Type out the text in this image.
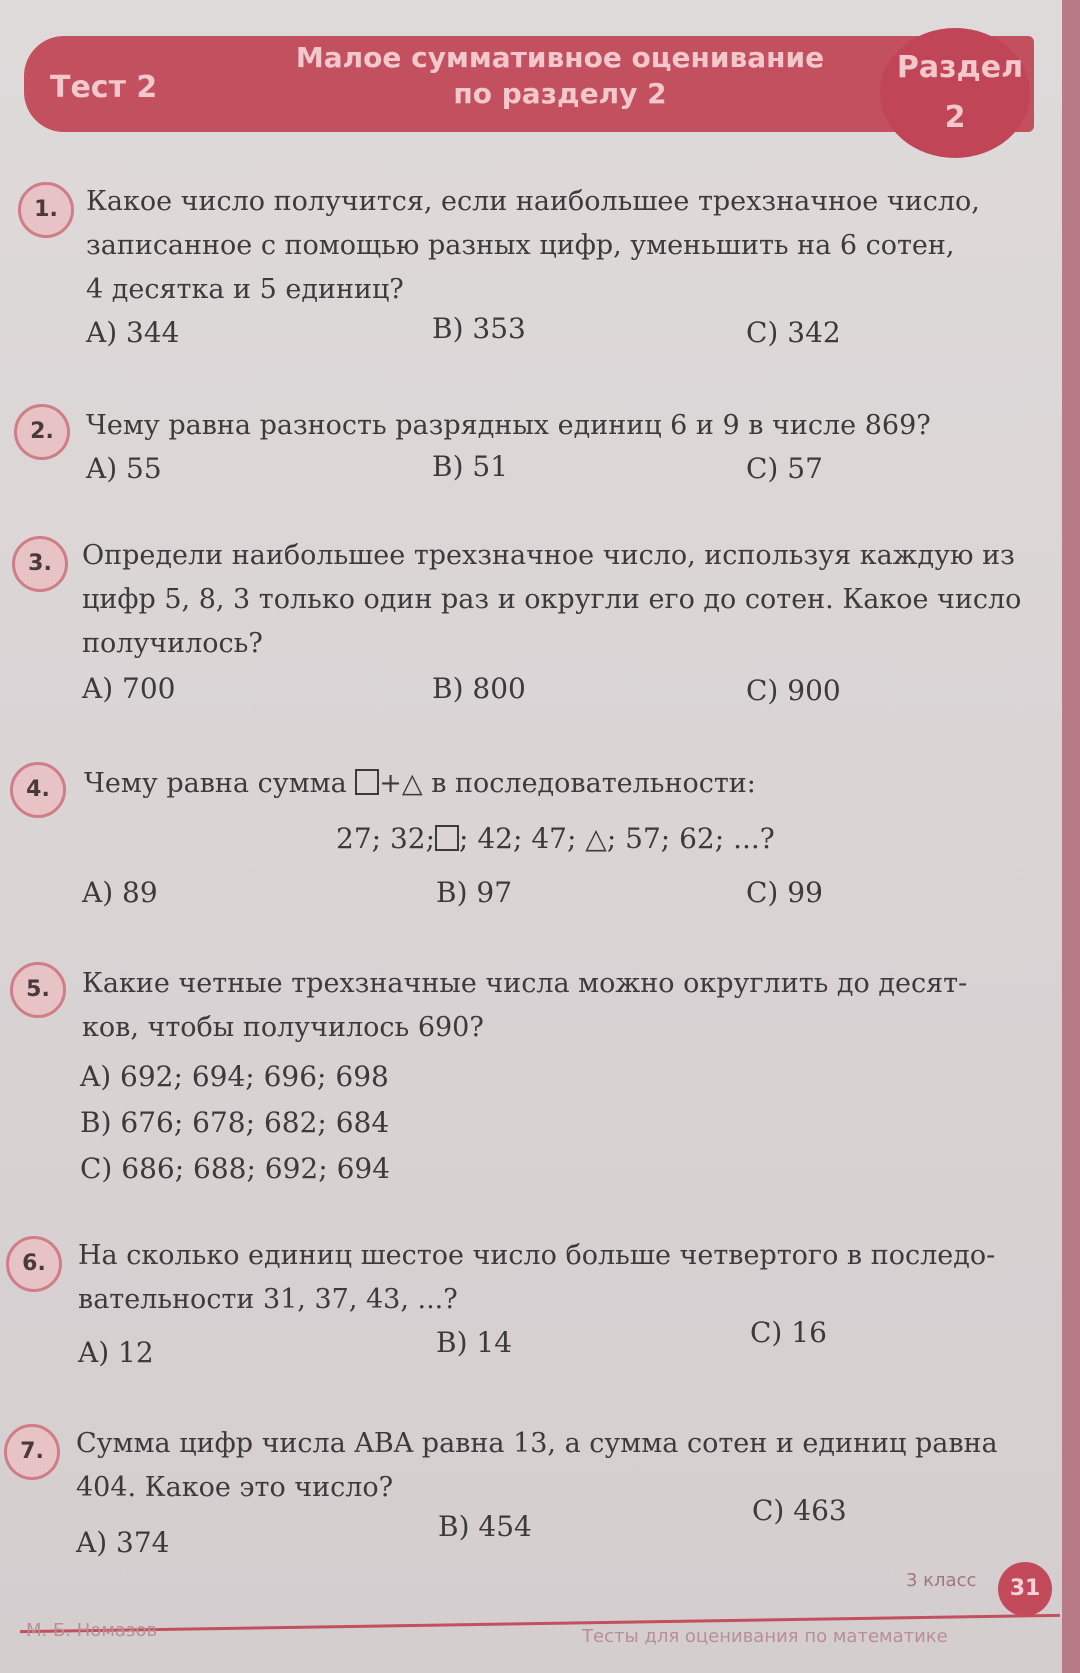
Тест 2
Малое суммативное оценивание
по разделу 2
Раздел
2
1.	Какое число получится, если наибольшее трехзначное число,
записанное с помощью разных цифр, уменьшить на 6 сотен,
4 десятка и 5 единиц?
A) 344	B) 353	C) 342
2.	Чему равна разность разрядных единиц 6 и 9 в числе 869?
A) 55	B) 51	C) 57
3.	Определи наибольшее трехзначное число, используя каждую из
цифр 5, 8, 3 только один раз и округли его до сотен. Какое число
получилось?
A) 700	B) 800	C) 900
4.	Чему равна сумма +△ в последовательности:
27; 32; ; 42; 47; △; 57; 62; ...?
A) 89	B) 97	C) 99
5.	Какие четные трехзначные числа можно округлить до десят-
ков, чтобы получилось 690?
A) 692; 694; 696; 698
B) 676; 678; 682; 684
C) 686; 688; 692; 694
6.	На сколько единиц шестое число больше четвертого в последо-
вательности 31, 37, 43, ...?
A) 12	B) 14	C) 16
7.	Сумма цифр числа ABA равна 13, а сумма сотен и единиц равна
404. Какое это число?
A) 374	B) 454	C) 463
3 класс	31
М. Б. Номазов	Тесты для оценивания по математике
